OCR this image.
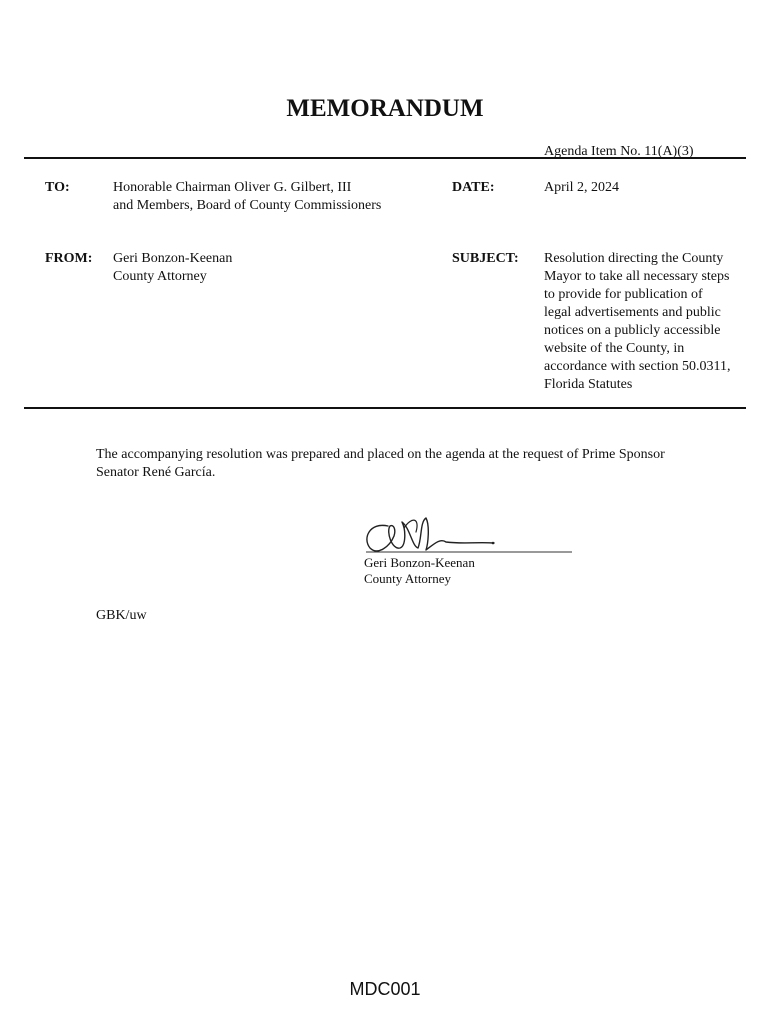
MEMORANDUM
Agenda Item No. 11(A)(3)
TO:	Honorable Chairman Oliver G. Gilbert, III
and Members, Board of County Commissioners
DATE:	April 2, 2024
FROM: Geri Bonzon-Keenan
County Attorney
SUBJECT: Resolution directing the County
Mayor to take all necessary steps
to provide for publication of
legal advertisements and public
notices on a publicly accessible
website of the County, in
accordance with section 50.0311,
Florida Statutes
The accompanying resolution was prepared and placed on the agenda at the request of Prime Sponsor
Senator René García.
Geri Bonzon-Keenan
County Attorney
GBK/uw
MDC001
